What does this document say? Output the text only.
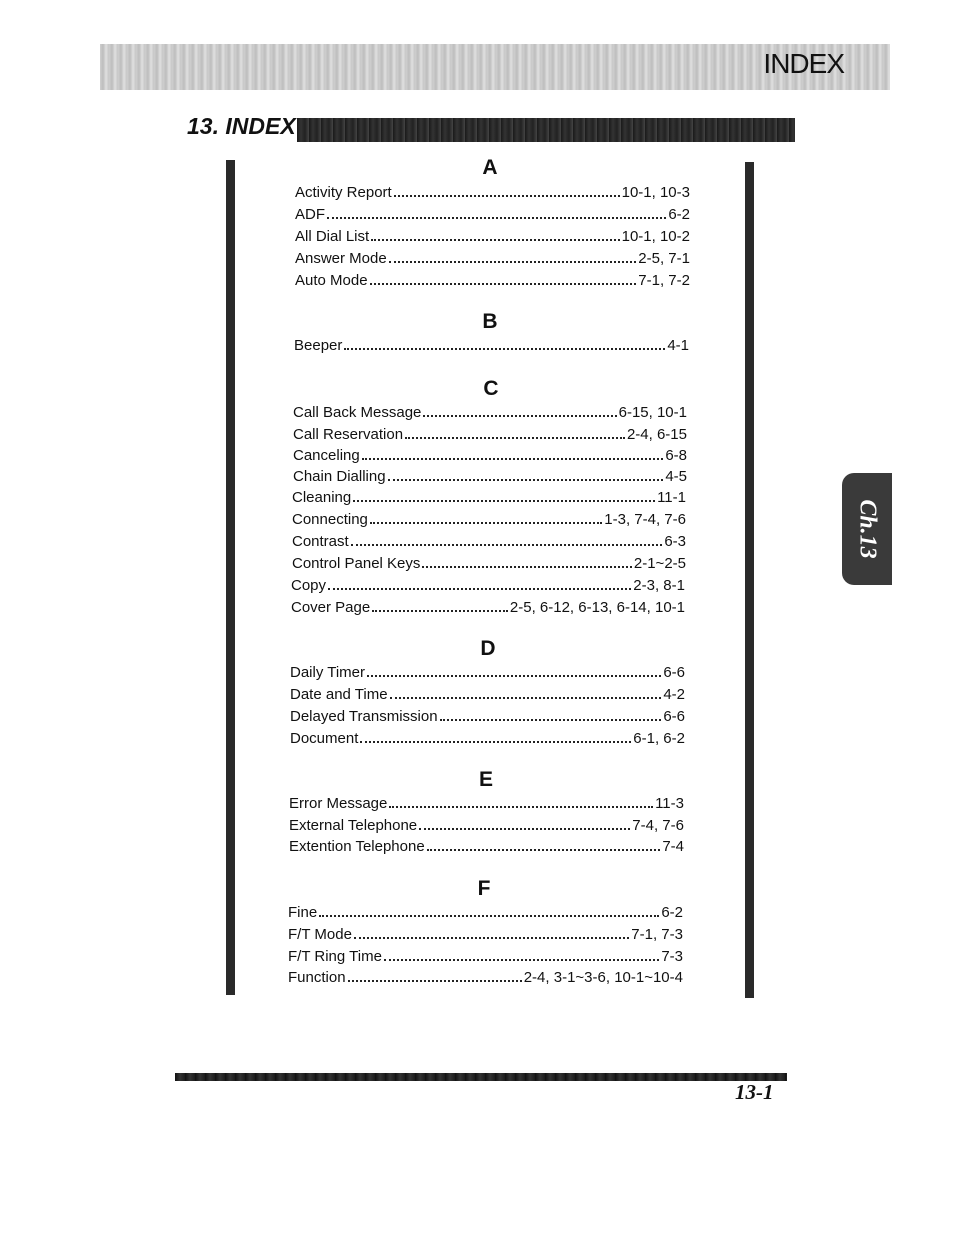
INDEX
13. INDEX
A
Activity Report	10-1, 10-3
ADF	6-2
All Dial List	10-1, 10-2
Answer Mode	2-5, 7-1
Auto Mode	7-1, 7-2
B
Beeper	4-1
C
Call Back Message	6-15, 10-1
Call Reservation	2-4, 6-15
Canceling	6-8
Chain Dialling	4-5
Cleaning	11-1
Connecting	1-3, 7-4, 7-6
Contrast	6-3
Control Panel Keys	2-1~2-5
Copy	2-3, 8-1
Cover Page	2-5, 6-12, 6-13, 6-14, 10-1
D
Daily Timer	6-6
Date and Time	4-2
Delayed Transmission	6-6
Document	6-1, 6-2
E
Error Message	11-3
External Telephone	7-4, 7-6
Extention Telephone	7-4
F
Fine	6-2
F/T Mode	7-1, 7-3
F/T Ring Time	7-3
Function	2-4, 3-1~3-6, 10-1~10-4
Ch.13
13-1
